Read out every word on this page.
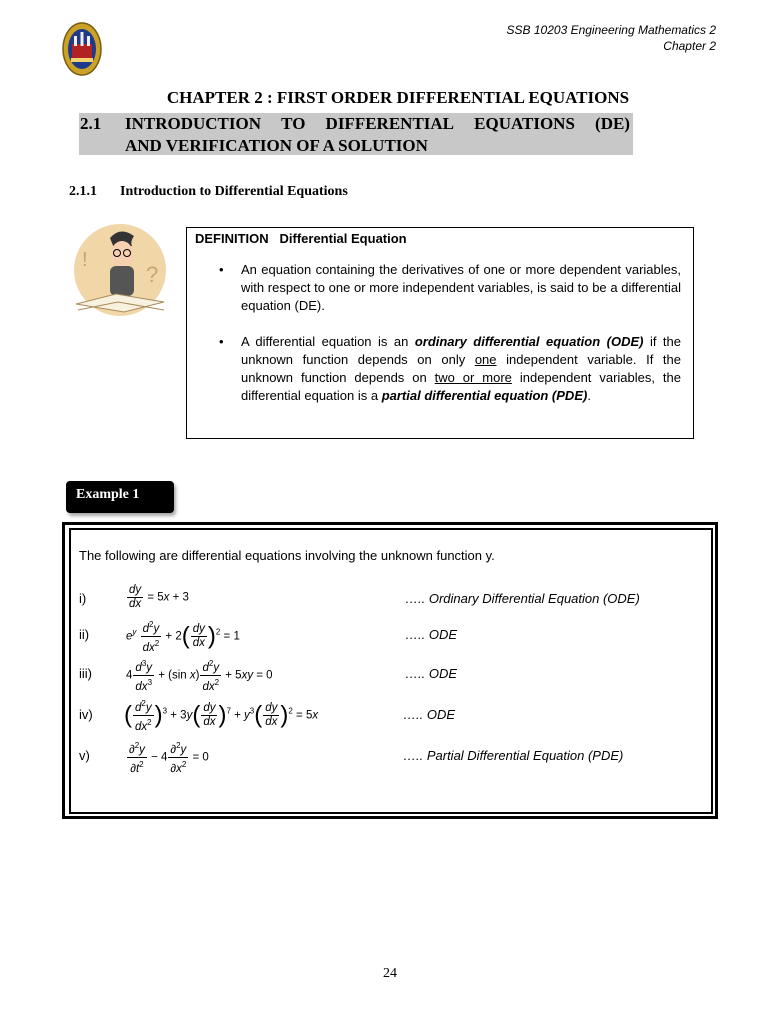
SSB 10203 Engineering Mathematics 2
Chapter 2
CHAPTER 2 : FIRST ORDER DIFFERENTIAL EQUATIONS
2.1 INTRODUCTION TO DIFFERENTIAL EQUATIONS (DE)
AND VERIFICATION OF A SOLUTION
2.1.1 Introduction to Differential Equations
!
?
DEFINITION   Differential Equation
•
• An equation containing the derivatives of one or more dependent variables, with respect to one or more independent variables, is said to be a differential equation (DE).
A differential equation is an ordinary differential equation (ODE) if the unknown function depends on only one independent variable. If the unknown function depends on two or more independent variables, the differential equation is a partial differential equation (PDE).
Example 1
The following are differential equations involving the unknown function y.
i)
ii)
iii)
iv)
v)
$\frac{dy}{dx} = 5x + 3$
$e^y \frac{d^2y}{dx^2} + 2( \frac{dy}{dx} )^2 = 1$
$4 \frac{d^3y}{dx^3} + (\sin$ $x) \frac{d^2y}{dx^2} + 5xy = 0$
( $\frac{d^2y}{dx^2} )^3 + 3y( \frac{dy}{dx} )^7 + y^3( \frac{dy}{dx} )^2 = 5x$
$\frac{\partial^2y}{\partial t^2} - 4 \frac{\partial^2y}{\partial x^2} = 0$
….. Ordinary Differential Equation (ODE)
….. ODE
….. ODE
….. ODE
….. Partial Differential Equation (PDE)
24
